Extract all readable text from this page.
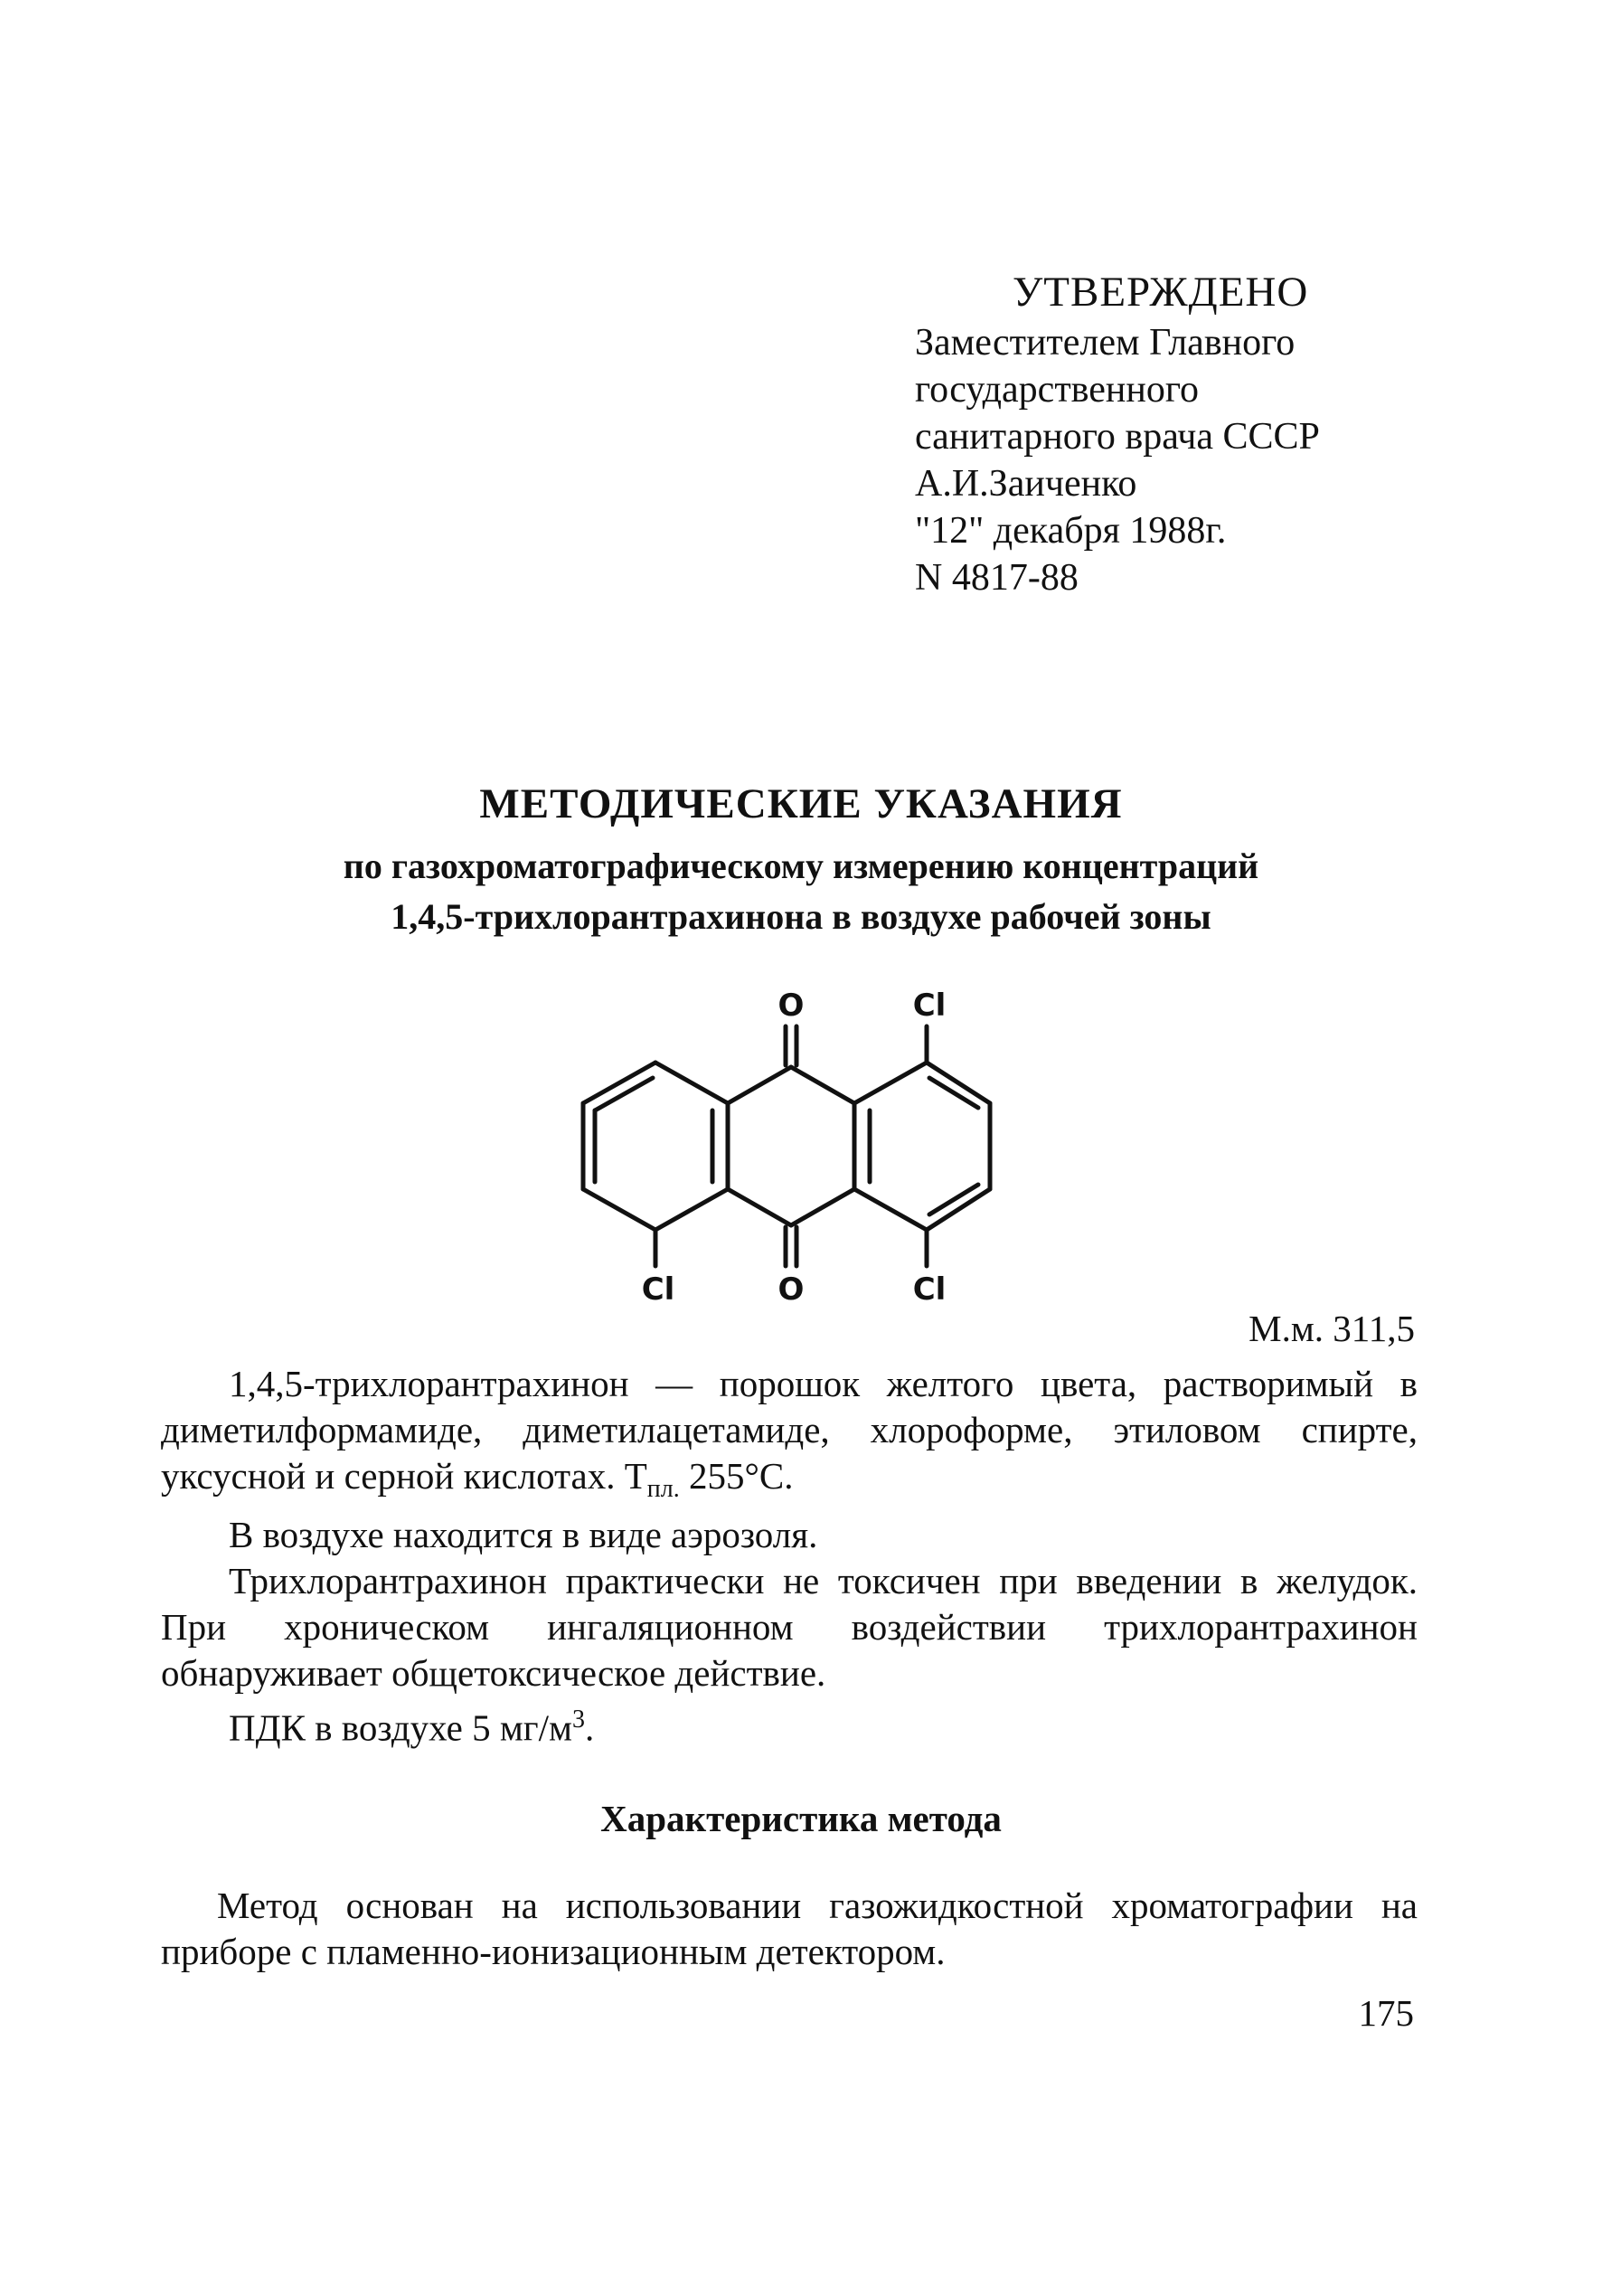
УТВЕРЖДЕНО
Заместителем Главного
государственного
санитарного врача СССР
А.И.Заиченко
"12" декабря 1988г.
N 4817-88
МЕТОДИЧЕСКИЕ УКАЗАНИЯ
по газохроматографическому измерению концентраций
1,4,5-трихлорантрахинона в воздухе рабочей зоны
O	Cl
Cl	O	Cl
М.м. 311,5

1,4,5-трихлорантрахинон — порошок желтого цвета, растворимый в диметилформамиде, диметилацетамиде, хлороформе, этиловом спирте, уксусной и серной кислотах. $Т_{пл.}$ 255°С.

В воздухе находится в виде аэрозоля.

Трихлорантрахинон практически не токсичен при введении в желудок. При хроническом ингаляционном воздействии трихлорантрахинон обнаруживает общетоксическое действие.

ПДК в воздухе 5 $мг/м^3$.

Характеристика метода

Метод основан на использовании газожидкостной хроматографии на приборе с пламенно-ионизационным детектором.

175
